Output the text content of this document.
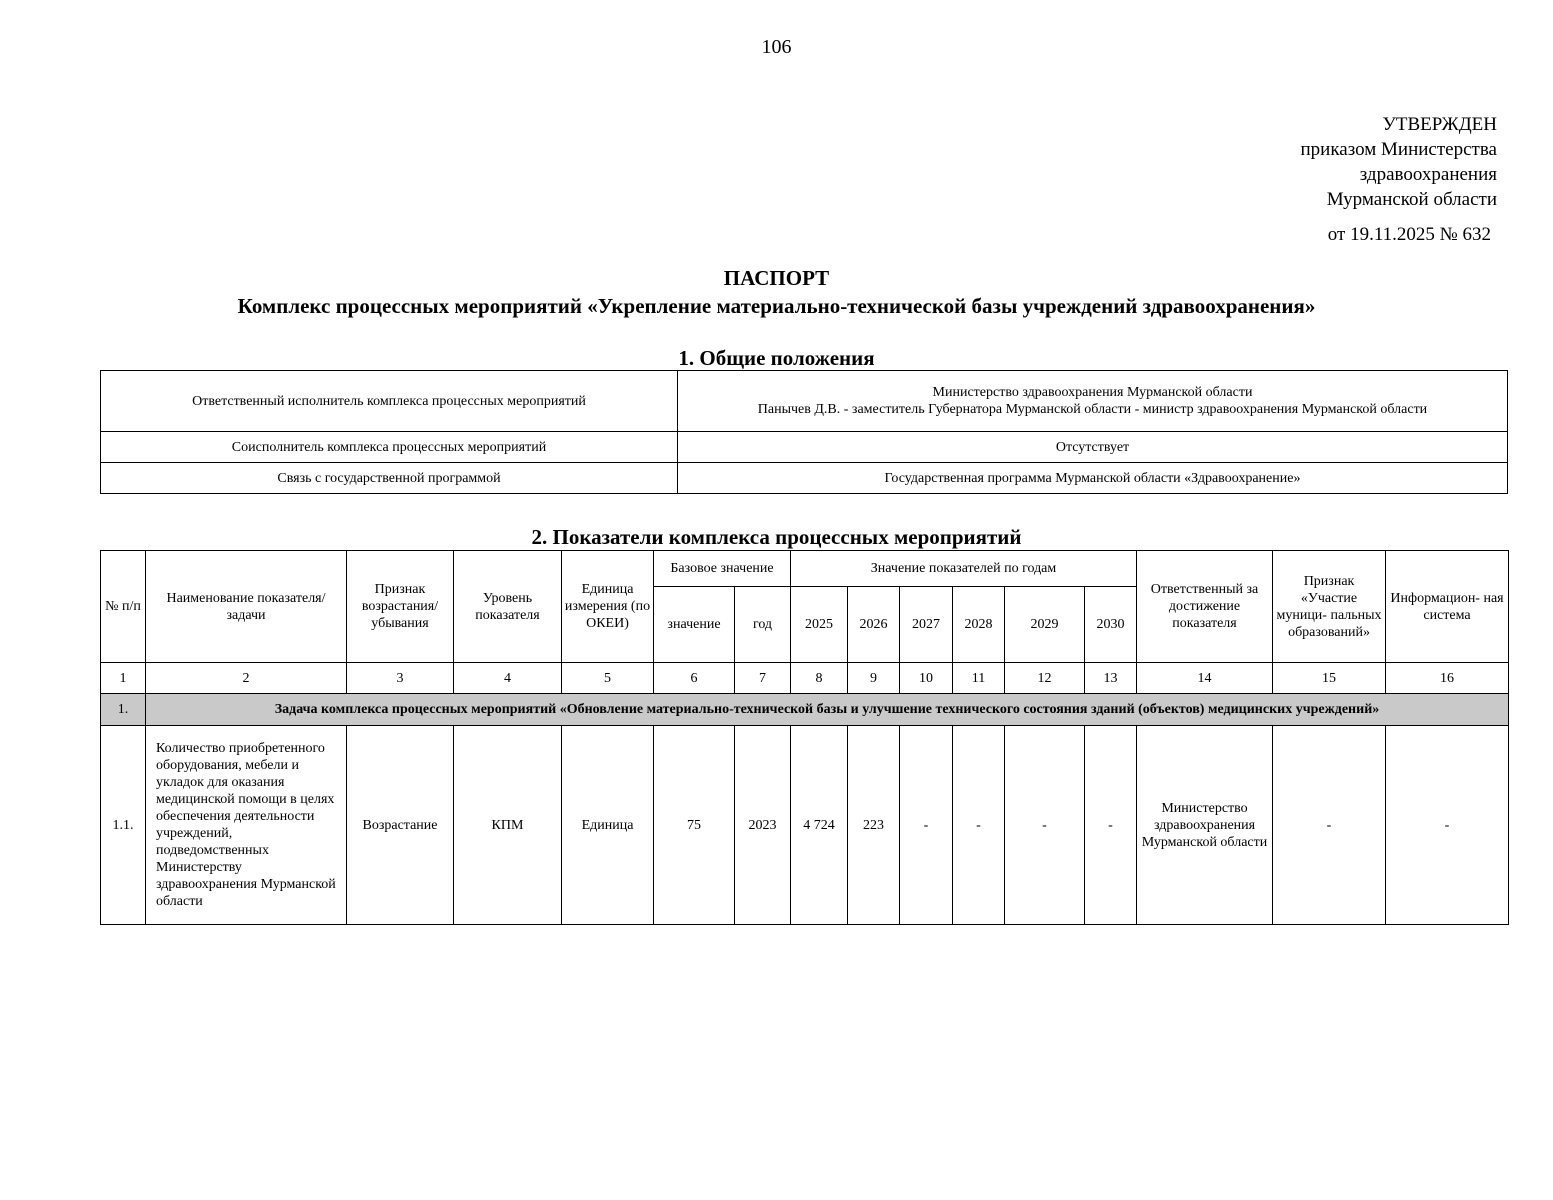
106
УТВЕРЖДЕН
приказом Министерства
здравоохранения
Мурманской области
от 19.11.2025 № 632
ПАСПОРТ
Комплекс процессных мероприятий «Укрепление материально-технической базы учреждений здравоохранения»
1. Общие положения
Ответственный исполнитель комплекса процессных мероприятий	Министерство здравоохранения Мурманской области
Панычев Д.В. - заместитель Губернатора Мурманской области - министр здравоохранения Мурманской области

Соисполнитель комплекса процессных мероприятий	Отсутствует
Связь с государственной программой	Государственная программа Мурманской области «Здравоохранение»
2. Показатели комплекса процессных мероприятий
№ п/п	Наименование показателя/задачи	Признак возрастания/ убывания	Уровень показателя	Единица измерения (по ОКЕИ)	Базовое значение		Значение показателей по годам						Ответственный за достижение показателя	Признак «Участие муници- пальных образований»	Информацион- ная система
					значение	год	2025	2026	2027	2028	2029	2030			
1	2	3	4	5	6	7	8	9	10	11	12	13	14	15	16
1.	Задача комплекса процессных мероприятий «Обновление материально-технической базы и улучшение технического состояния зданий (объектов) медицинских учреждений»														
1.1.	Количество приобретенного оборудования, мебели и укладок для оказания медицинской помощи в целях обеспечения деятельности учреждений, подведомственных Министерству здравоохранения Мурманской области	Возрастание	КПМ	Единица	75	2023	4 724	223	-	-	-	-	Министерство здравоохранения Мурманской области	-	-
